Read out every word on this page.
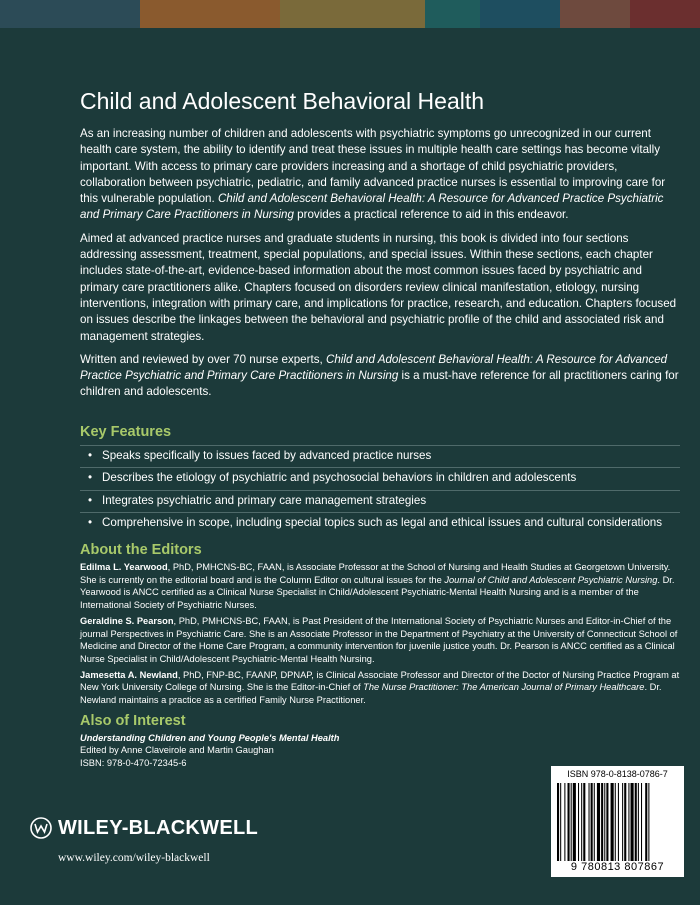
Child and Adolescent Behavioral Health

As an increasing number of children and adolescents with psychiatric symptoms go unrecognized in our current health care system, the ability to identify and treat these issues in multiple health care settings has become vitally important. With access to primary care providers increasing and a shortage of child psychiatric providers, collaboration between psychiatric, pediatric, and family advanced practice nurses is essential to improving care for this vulnerable population. Child and Adolescent Behavioral Health: A Resource for Advanced Practice Psychiatric and Primary Care Practitioners in Nursing provides a practical reference to aid in this endeavor.

Aimed at advanced practice nurses and graduate students in nursing, this book is divided into four sections addressing assessment, treatment, special populations, and special issues. Within these sections, each chapter includes state-of-the-art, evidence-based information about the most common issues faced by psychiatric and primary care practitioners alike. Chapters focused on disorders review clinical manifestation, etiology, nursing interventions, integration with primary care, and implications for practice, research, and education. Chapters focused on issues describe the linkages between the behavioral and psychiatric profile of the child and associated risk and management strategies.

Written and reviewed by over 70 nurse experts, Child and Adolescent Behavioral Health: A Resource for Advanced Practice Psychiatric and Primary Care Practitioners in Nursing is a must-have reference for all practitioners caring for children and adolescents.

Key Features
• Speaks specifically to issues faced by advanced practice nurses
• Describes the etiology of psychiatric and psychosocial behaviors in children and adolescents
• Integrates psychiatric and primary care management strategies
• Comprehensive in scope, including special topics such as legal and ethical issues and cultural considerations
About the Editors

Edilma L. Yearwood, PhD, PMHCNS-BC, FAAN, is Associate Professor at the School of Nursing and Health Studies at Georgetown University. She is currently on the editorial board and is the Column Editor on cultural issues for the Journal of Child and Adolescent Psychiatric Nursing. Dr. Yearwood is ANCC certified as a Clinical Nurse Specialist in Child/Adolescent Psychiatric-Mental Health Nursing and is a member of the International Society of Psychiatric Nurses.

Geraldine S. Pearson, PhD, PMHCNS-BC, FAAN, is Past President of the International Society of Psychiatric Nurses and Editor-in-Chief of the journal Perspectives in Psychiatric Care. She is an Associate Professor in the Department of Psychiatry at the University of Connecticut School of Medicine and Director of the Home Care Program, a community intervention for juvenile justice youth. Dr. Pearson is ANCC certified as a Clinical Nurse Specialist in Child/Adolescent Psychiatric-Mental Health Nursing.

Jamesetta A. Newland, PhD, FNP-BC, FAANP, DPNAP, is Clinical Associate Professor and Director of the Doctor of Nursing Practice Program at New York University College of Nursing. She is the Editor-in-Chief of The Nurse Practitioner: The American Journal of Primary Healthcare. Dr. Newland maintains a practice as a certified Family Nurse Practitioner.

Also of Interest
Understanding Children and Young People's Mental Health
Edited by Anne Claveirole and Martin Gaughan
ISBN: 978-0-470-72345-6
WILEY-BLACKWELL
www.wiley.com/wiley-blackwell
ISBN 978-0-8138-0786-7
9 780813 807867
